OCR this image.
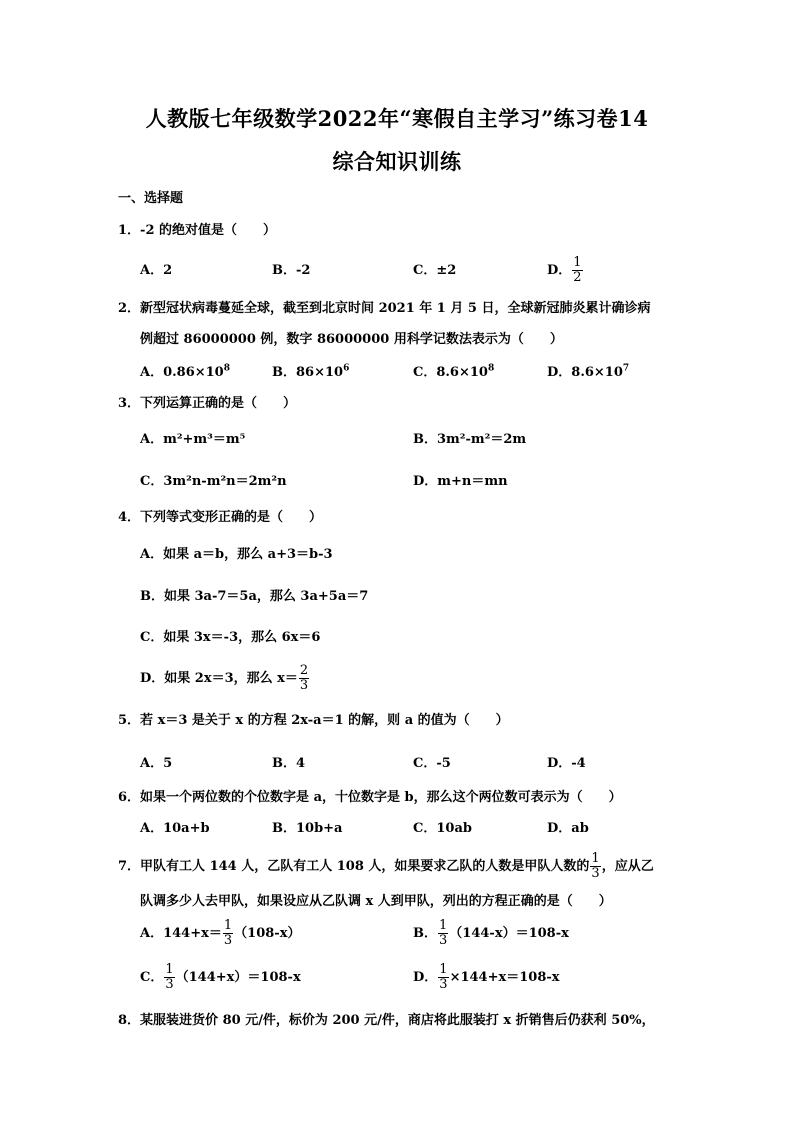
人教版七年级数学2022年“寒假自主学习”练习卷14
综合知识训练
一、选择题
1．-2 的绝对值是（　　）
A．2	B．-2	C．±2	D． $\frac{1}{2}$
2．新型冠状病毒蔓延全球，截至到北京时间 2021 年 1 月 5 日，全球新冠肺炎累计确诊病
例超过 86000000 例，数字 86000000 用科学记数法表示为（　　）
A．$0.86\times 10^8$	B．$86\times 10^6$	C．$8.6\times 10^8$	D．$8.6\times 10^7$
3．下列运算正确的是（　　）
A．m²+m³＝m⁵	B．3m²-m²＝2m
C．3m²n-m²n＝2m²n	D．m+n＝mn
4．下列等式变形正确的是（　　）
A．如果 a＝b，那么 a+3＝b-3
B．如果 3a-7＝5a，那么 3a+5a＝7
C．如果 3x＝-3，那么 6x＝6
D．如果 2x＝3，那么 $x= \frac{2}{3}$
5．若 x＝3 是关于 x 的方程 2x-a＝1 的解，则 a 的值为（　　）
A．5	B．4	C．-5	D．-4
6．如果一个两位数的个位数字是 a，十位数字是 b，那么这个两位数可表示为（　　）
A．10a+b	B．10b+a	C．10ab	D．ab
7．甲队有工人 144 人，乙队有工人 108 人，如果要求乙队的人数是甲队人数的 $\frac{1}{3}$ ，应从乙
队调多少人去甲队，如果设应从乙队调 x 人到甲队，列出的方程正确的是（　　）
A．$144+x= \frac{1}{3} (108-x)$	B． $\frac{1}{3} (144-x)=108-x$
C． $\frac{1}{3} (144+x)=108-x$	D． $\frac{1}{3} \times 144+x=108-x$
8．某服装进货价 80 元/件，标价为 200 元/件，商店将此服装打 x 折销售后仍获利 50%，
